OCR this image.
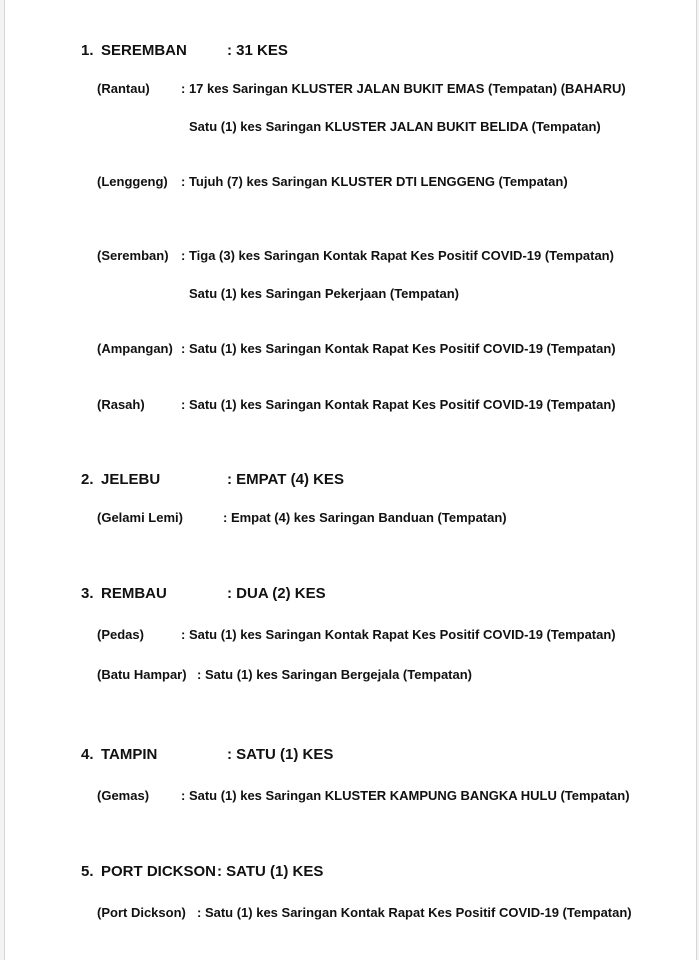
1. SEREMBAN	: 31 KES
(Rantau) : 17 kes Saringan KLUSTER JALAN BUKIT EMAS (Tempatan) (BAHARU)
Satu (1) kes Saringan KLUSTER JALAN BUKIT BELIDA (Tempatan)
(Lenggeng) : Tujuh (7) kes Saringan KLUSTER DTI LENGGENG (Tempatan)
(Seremban) : Tiga (3) kes Saringan Kontak Rapat Kes Positif COVID-19 (Tempatan)
Satu (1) kes Saringan Pekerjaan (Tempatan)
(Ampangan) : Satu (1) kes Saringan Kontak Rapat Kes Positif COVID-19 (Tempatan)
(Rasah)	: Satu (1) kes Saringan Kontak Rapat Kes Positif COVID-19 (Tempatan)
2. JELEBU	: EMPAT (4) KES
(Gelami Lemi)	: Empat (4) kes Saringan Banduan (Tempatan)
3. REMBAU	: DUA (2) KES
(Pedas)	: Satu (1) kes Saringan Kontak Rapat Kes Positif COVID-19 (Tempatan)
(Batu Hampar) : Satu (1) kes Saringan Bergejala (Tempatan)
4. TAMPIN	: SATU (1) KES
(Gemas) : Satu (1) kes Saringan KLUSTER KAMPUNG BANGKA HULU (Tempatan)
5. PORT DICKSON : SATU (1) KES
(Port Dickson) : Satu (1) kes Saringan Kontak Rapat Kes Positif COVID-19 (Tempatan)
